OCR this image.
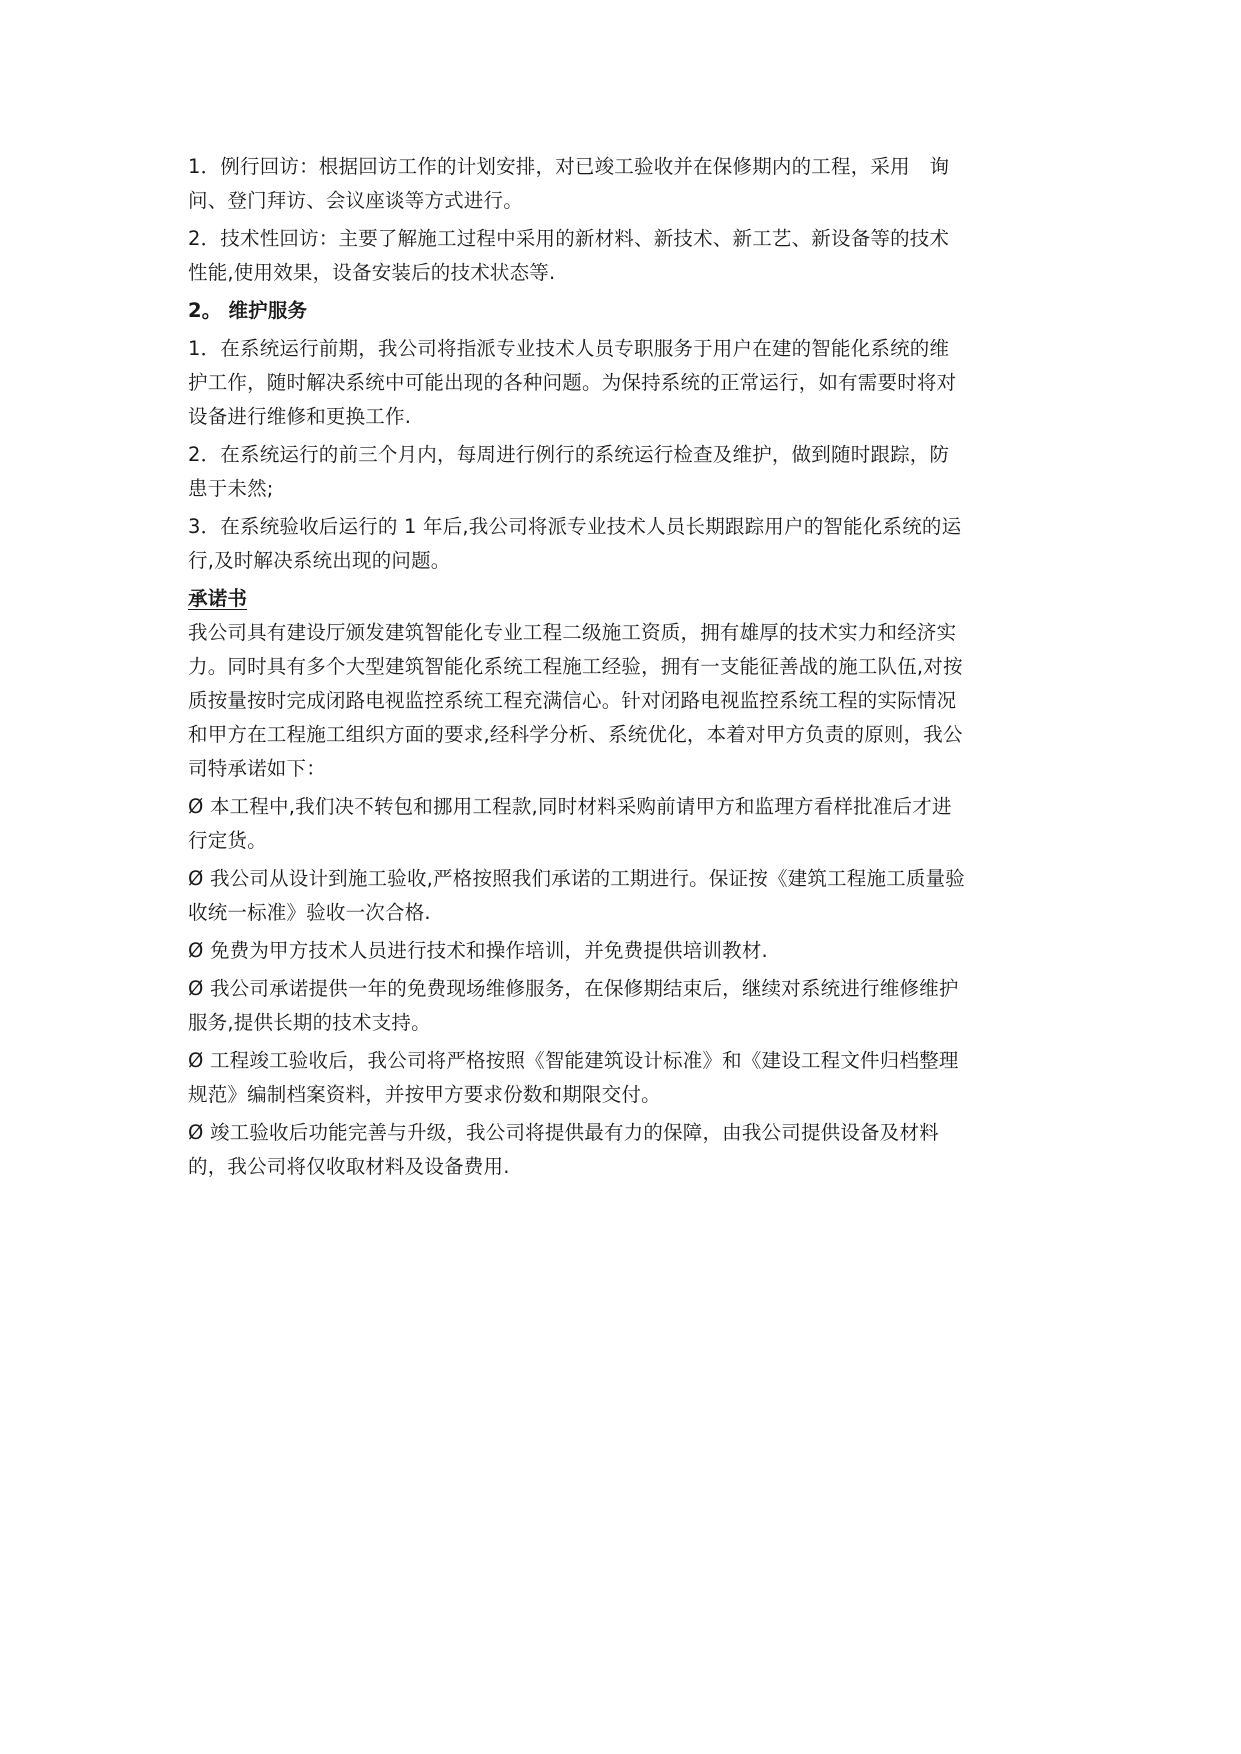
1．例行回访：根据回访工作的计划安排，对已竣工验收并在保修期内的工程，采用　询

问、登门拜访、会议座谈等方式进行。

2．技术性回访：主要了解施工过程中采用的新材料、新技术、新工艺、新设备等的技术

性能,使用效果，设备安装后的技术状态等.

2。 维护服务

1．在系统运行前期，我公司将指派专业技术人员专职服务于用户在建的智能化系统的维

护工作，随时解决系统中可能出现的各种问题。为保持系统的正常运行，如有需要时将对

设备进行维修和更换工作.

2．在系统运行的前三个月内，每周进行例行的系统运行检查及维护，做到随时跟踪，防

患于未然;

3．在系统验收后运行的 1 年后,我公司将派专业技术人员长期跟踪用户的智能化系统的运

行,及时解决系统出现的问题。

承诺书

我公司具有建设厅颁发建筑智能化专业工程二级施工资质，拥有雄厚的技术实力和经济实

力。同时具有多个大型建筑智能化系统工程施工经验，拥有一支能征善战的施工队伍,对按

质按量按时完成闭路电视监控系统工程充满信心。针对闭路电视监控系统工程的实际情况

和甲方在工程施工组织方面的要求,经科学分析、系统优化，本着对甲方负责的原则，我公

司特承诺如下：

Ø 本工程中,我们决不转包和挪用工程款,同时材料采购前请甲方和监理方看样批准后才进

行定货。

Ø 我公司从设计到施工验收,严格按照我们承诺的工期进行。保证按《建筑工程施工质量验

收统一标准》验收一次合格.

Ø 免费为甲方技术人员进行技术和操作培训，并免费提供培训教材.

Ø 我公司承诺提供一年的免费现场维修服务，在保修期结束后，继续对系统进行维修维护

服务,提供长期的技术支持。

Ø 工程竣工验收后，我公司将严格按照《智能建筑设计标准》和《建设工程文件归档整理

规范》编制档案资料，并按甲方要求份数和期限交付。

Ø 竣工验收后功能完善与升级，我公司将提供最有力的保障，由我公司提供设备及材料

的，我公司将仅收取材料及设备费用.
